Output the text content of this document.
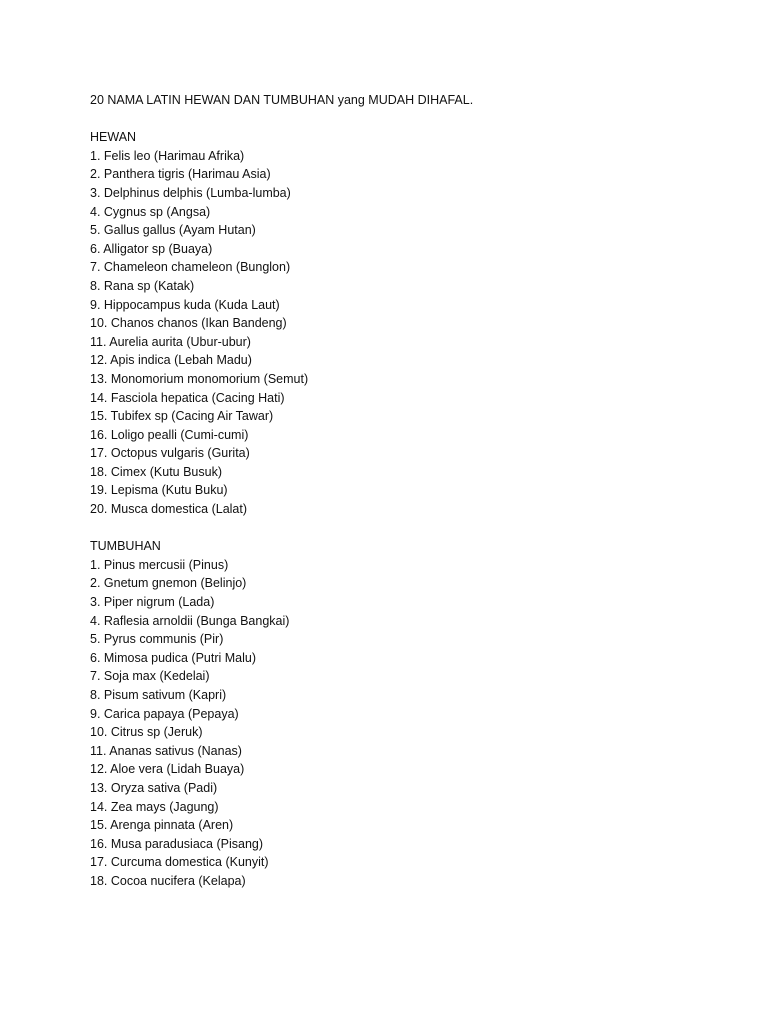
20 NAMA LATIN HEWAN DAN TUMBUHAN yang MUDAH DIHAFAL.
HEWAN
1. Felis leo (Harimau Afrika)
2. Panthera tigris (Harimau Asia)
3. Delphinus delphis (Lumba-lumba)
4. Cygnus sp (Angsa)
5. Gallus gallus (Ayam Hutan)
6. Alligator sp (Buaya)
7. Chameleon chameleon (Bunglon)
8. Rana sp (Katak)
9. Hippocampus kuda (Kuda Laut)
10. Chanos chanos (Ikan Bandeng)
11. Aurelia aurita (Ubur-ubur)
12. Apis indica (Lebah Madu)
13. Monomorium monomorium (Semut)
14. Fasciola hepatica (Cacing Hati)
15. Tubifex sp (Cacing Air Tawar)
16. Loligo pealli (Cumi-cumi)
17. Octopus vulgaris (Gurita)
18. Cimex (Kutu Busuk)
19. Lepisma (Kutu Buku)
20. Musca domestica (Lalat)
TUMBUHAN
1. Pinus mercusii (Pinus)
2. Gnetum gnemon (Belinjo)
3. Piper nigrum (Lada)
4. Raflesia arnoldii (Bunga Bangkai)
5. Pyrus communis (Pir)
6. Mimosa pudica (Putri Malu)
7. Soja max (Kedelai)
8. Pisum sativum (Kapri)
9. Carica papaya (Pepaya)
10. Citrus sp (Jeruk)
11. Ananas sativus (Nanas)
12. Aloe vera (Lidah Buaya)
13. Oryza sativa (Padi)
14. Zea mays (Jagung)
15. Arenga pinnata (Aren)
16. Musa paradusiaca (Pisang)
17. Curcuma domestica (Kunyit)
18. Cocoa nucifera (Kelapa)
